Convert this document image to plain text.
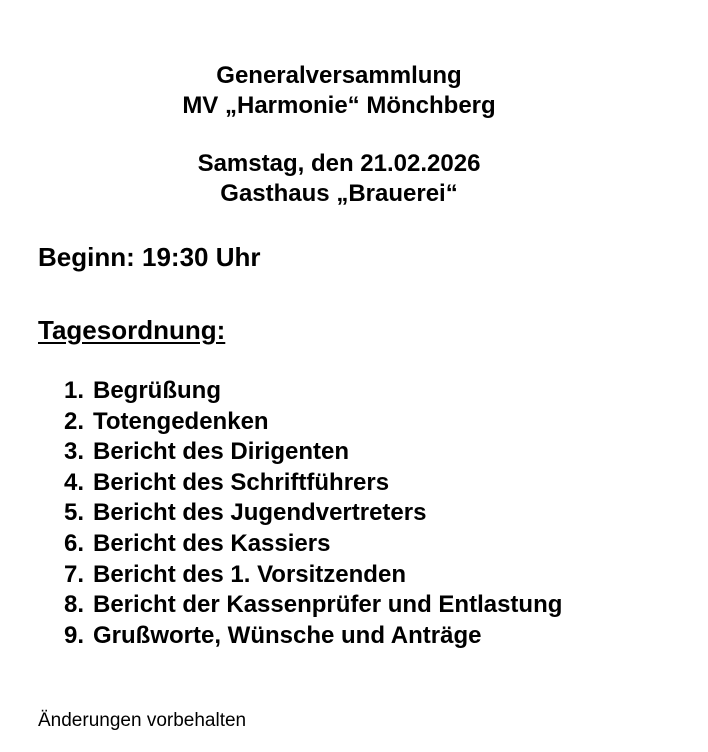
Generalversammlung
MV „Harmonie“ Mönchberg
Samstag, den 21.02.2026
Gasthaus „Brauerei“
Beginn: 19:30 Uhr
Tagesordnung:
1. Begrüßung
2. Totengedenken
3. Bericht des Dirigenten
4. Bericht des Schriftführers
5. Bericht des Jugendvertreters
6. Bericht des Kassiers
7. Bericht des 1. Vorsitzenden
8. Bericht der Kassenprüfer und Entlastung
9. Grußworte, Wünsche und Anträge
Änderungen vorbehalten
